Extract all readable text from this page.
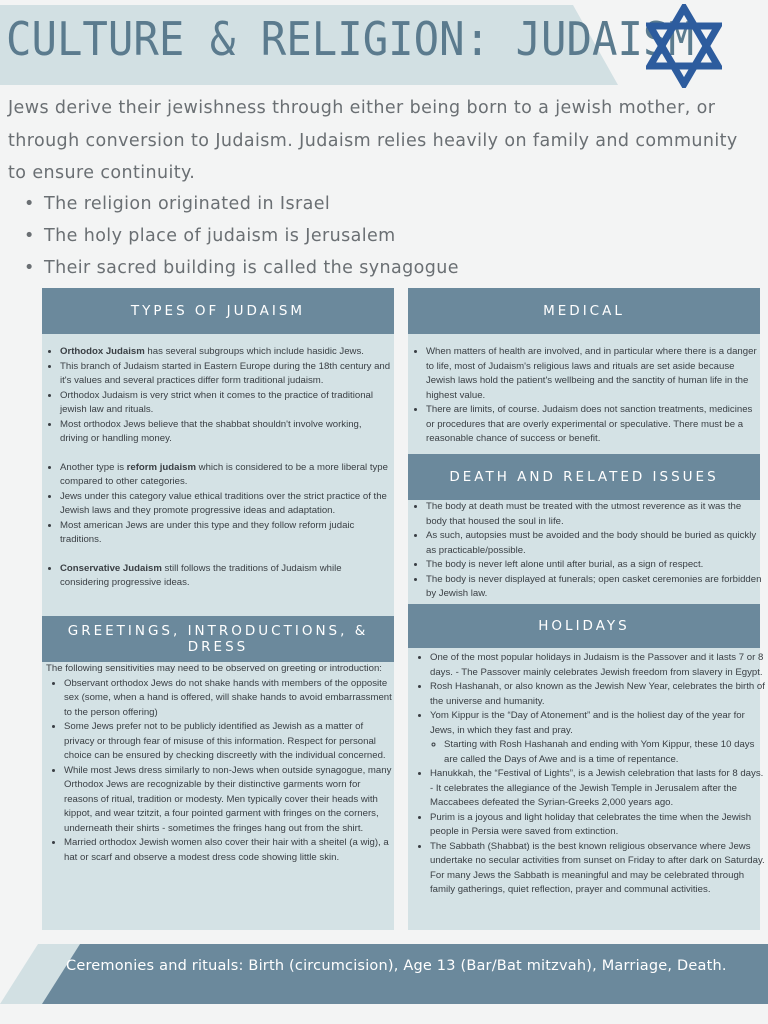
CULTURE & RELIGION: JUDAISM

Jews derive their jewishness through either being born to a jewish mother, or through conversion to Judaism. Judaism relies heavily on family and community to ensure continuity.

• The religion originated in Israel
• The holy place of judaism is Jerusalem
• Their sacred building is called the synagogue
TYPES OF JUDAISM
• Orthodox Judaism has several subgroups which include hasidic Jews.
• This branch of Judaism started in Eastern Europe during the 18th century and it's values and several practices differ form traditional judaism.
• Orthodox Judaism is very strict when it comes to the practice of traditional jewish law and rituals.
• Most orthodox Jews believe that the shabbat shouldn't involve working, driving or handling money.
• Another type is reform judaism which is considered to be a more liberal type compared to other categories.
• Jews under this category value ethical traditions over the strict practice of the Jewish laws and they promote progressive ideas and adaptation.
• Most american Jews are under this type and they follow reform judaic traditions.
• Conservative Judaism still follows the traditions of Judaism while considering progressive ideas.
MEDICAL
• When matters of health are involved, and in particular where there is a danger to life, most of Judaism's religious laws and rituals are set aside because Jewish laws hold the patient's wellbeing and the sanctity of human life in the highest value.
• There are limits, of course. Judaism does not sanction treatments, medicines or procedures that are overly experimental or speculative. There must be a reasonable chance of success or benefit.
DEATH AND RELATED ISSUES
• The body at death must be treated with the utmost reverence as it was the body that housed the soul in life.
• As such, autopsies must be avoided and the body should be buried as quickly as practicable/possible.
• The body is never left alone until after burial, as a sign of respect.
• The body is never displayed at funerals; open casket ceremonies are forbidden by Jewish law.
GREETINGS, INTRODUCTIONS, & DRESS

The following sensitivities may need to be observed on greeting or introduction:

• Observant orthodox Jews do not shake hands with members of the opposite sex (some, when a hand is offered, will shake hands to avoid embarrassment to the person offering)
• Some Jews prefer not to be publicly identified as Jewish as a matter of privacy or through fear of misuse of this information. Respect for personal choice can be ensured by checking discreetly with the individual concerned.
• While most Jews dress similarly to non-Jews when outside synagogue, many Orthodox Jews are recognizable by their distinctive garments worn for reasons of ritual, tradition or modesty. Men typically cover their heads with kippot, and wear tzitzit, a four pointed garment with fringes on the corners, underneath their shirts - sometimes the fringes hang out from the shirt.
• Married orthodox Jewish women also cover their hair with a sheitel (a wig), a hat or scarf and observe a modest dress code showing little skin.
HOLIDAYS
• One of the most popular holidays in Judaism is the Passover and it lasts 7 or 8 days. - The Passover mainly celebrates Jewish freedom from slavery in Egypt.
• Rosh Hashanah, or also known as the Jewish New Year, celebrates the birth of the universe and humanity.
• Yom Kippur is the “Day of Atonement” and is the holiest day of the year for Jews, in which they fast and pray.
◦ Starting with Rosh Hashanah and ending with Yom Kippur, these 10 days are called the Days of Awe and is a time of repentance.
• Hanukkah, the “Festival of Lights”, is a Jewish celebration that lasts for 8 days. - It celebrates the allegiance of the Jewish Temple in Jerusalem after the Maccabees defeated the Syrian-Greeks 2,000 years ago.
• Purim is a joyous and light holiday that celebrates the time when the Jewish people in Persia were saved from extinction.
• The Sabbath (Shabbat) is the best known religious observance where Jews undertake no secular activities from sunset on Friday to after dark on Saturday. For many Jews the Sabbath is meaningful and may be celebrated through family gatherings, quiet reflection, prayer and communal activities.
Ceremonies and rituals: Birth (circumcision), Age 13 (Bar/Bat mitzvah), Marriage, Death.
